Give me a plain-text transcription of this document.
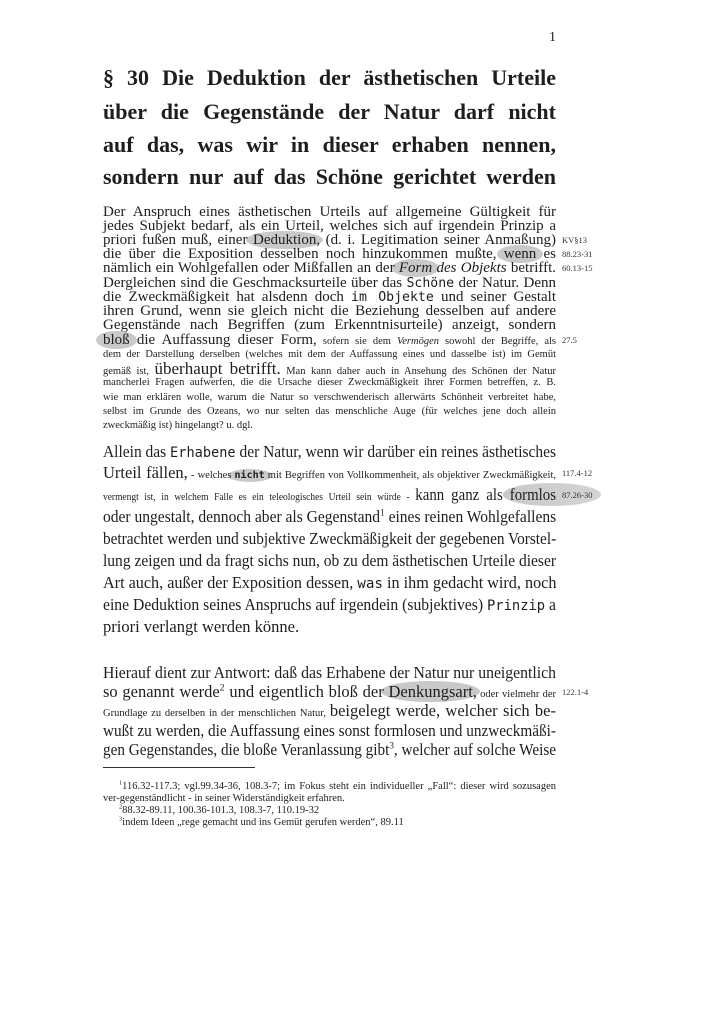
1
§ 30 Die Deduktion der ästhetischen Urteile
über die Gegenstände der Natur darf nicht
auf das, was wir in dieser erhaben nennen,
sondern nur auf das Schöne gerichtet werden
Der Anspruch eines ästhetischen Urteils auf allgemeine Gültigkeit für
jedes Subjekt bedarf, als ein Urteil, welches sich auf irgendein Prinzip a
priori fußen muß, einer Deduktion, (d. i. Legitimation seiner Anmaßung) KV§13
die über die Exposition desselben noch hinzukommen mußte, wenn es 88.23-31
nämlich ein Wohlgefallen oder Mißfallen an der Form des Objekts betrifft. 60.13-15
Dergleichen sind die Geschmacksurteile über das Schöne der Natur. Denn
die Zweckmäßigkeit hat alsdenn doch im Objekte und seiner Gestalt
ihren Grund, wenn sie gleich nicht die Beziehung desselben auf andere
Gegenstände nach Begriffen (zum Erkenntnisurteile) anzeigt, sondern
bloß die Auffassung dieser Form, sofern sie dem Vermögen sowohl der Begriffe, als 27.5
dem der Darstellung derselben (welches mit dem der Auffassung eines und dasselbe ist) im Gemüt
gemäß ist, überhaupt betrifft. Man kann daher auch in Ansehung des Schönen der Natur
mancherlei Fragen aufwerfen, die die Ursache dieser Zweckmäßigkeit ihrer Formen betreffen, z. B.
wie man erklären wolle, warum die Natur so verschwenderisch allerwärts Schönheit verbreitet habe,
selbst im Grunde des Ozeans, wo nur selten das menschliche Auge (für welches jene doch allein
zweckmäßig ist) hingelangt? u. dgl.
Allein das Erhabene der Natur, wenn wir darüber ein reines ästhetisches
Urteil fällen, - welches nicht mit Begriffen von Vollkommenheit, als objektiver Zweckmäßigkeit, 117.4-12
vermengt ist, in welchem Falle es ein teleologisches Urteil sein würde - kann ganz als formlos 87.26-30
oder ungestalt, dennoch aber als Gegenstand$^1$ eines reinen Wohlgefallens
betrachtet werden und subjektive Zweckmäßigkeit der gegebenen Vorstel-
lung zeigen und da fragt sichs nun, ob zu dem ästhetischen Urteile dieser
Art auch, außer der Exposition dessen, was in ihm gedacht wird, noch
eine Deduktion seines Anspruchs auf irgendein (subjektives) Prinzip a
priori verlangt werden könne.
Hierauf dient zur Antwort: daß das Erhabene der Natur nur uneigentlich
so genannt werde$^2$ und eigentlich bloß der Denkungsart, oder vielmehr der 122.1-4
Grundlage zu derselben in der menschlichen Natur, beigelegt werde, welcher sich be-
wußt zu werden, die Auffassung eines sonst formlosen und unzweckmäßi-
gen Gegenstandes, die bloße Veranlassung gibt$^3$, welcher auf solche Weise
$^1$116.32-117.3; vgl.99.34-36, 108.3-7; im Fokus steht ein individueller „Fall“: dieser wird sozusagen
ver-gegenständlicht - in seiner Widerständigkeit erfahren.
$^2$88.32-89.11, 100.36-101.3, 108.3-7, 110.19-32
$^3$indem Ideen „rege gemacht und ins Gemüt gerufen werden“, 89.11
